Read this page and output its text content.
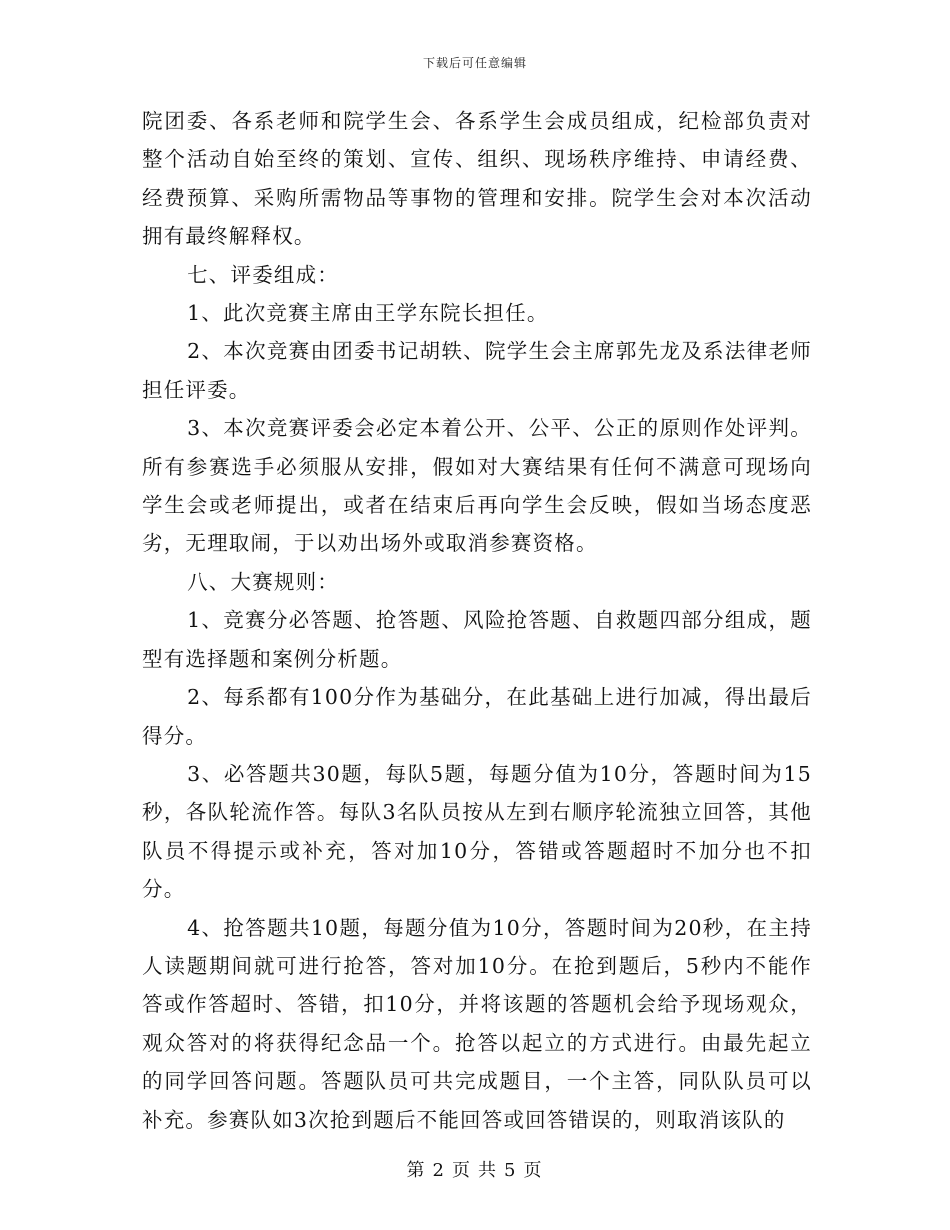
下载后可任意编辑

院团委、各系老师和院学生会、各系学生会成员组成，纪检部负责对整个活动自始至终的策划、宣传、组织、现场秩序维持、申请经费、经费预算、采购所需物品等事物的管理和安排。院学生会对本次活动拥有最终解释权。

七、评委组成：

1、此次竞赛主席由王学东院长担任。

2、本次竞赛由团委书记胡轶、院学生会主席郭先龙及系法律老师担任评委。

3、本次竞赛评委会必定本着公开、公平、公正的原则作处评判。所有参赛选手必须服从安排，假如对大赛结果有任何不满意可现场向学生会或老师提出，或者在结束后再向学生会反映，假如当场态度恶劣，无理取闹，于以劝出场外或取消参赛资格。

八、大赛规则：

1、竞赛分必答题、抢答题、风险抢答题、自救题四部分组成，题型有选择题和案例分析题。

2、每系都有100分作为基础分，在此基础上进行加减，得出最后得分。

3、必答题共30题，每队5题，每题分值为10分，答题时间为15秒，各队轮流作答。每队3名队员按从左到右顺序轮流独立回答，其他队员不得提示或补充，答对加10分，答错或答题超时不加分也不扣分。

4、抢答题共10题，每题分值为10分，答题时间为20秒，在主持人读题期间就可进行抢答，答对加10分。在抢到题后，5秒内不能作答或作答超时、答错，扣10分，并将该题的答题机会给予现场观众，观众答对的将获得纪念品一个。抢答以起立的方式进行。由最先起立的同学回答问题。答题队员可共完成题目，一个主答，同队队员可以补充。参赛队如3次抢到题后不能回答或回答错误的，则取消该队的

第 2 页 共 5 页
